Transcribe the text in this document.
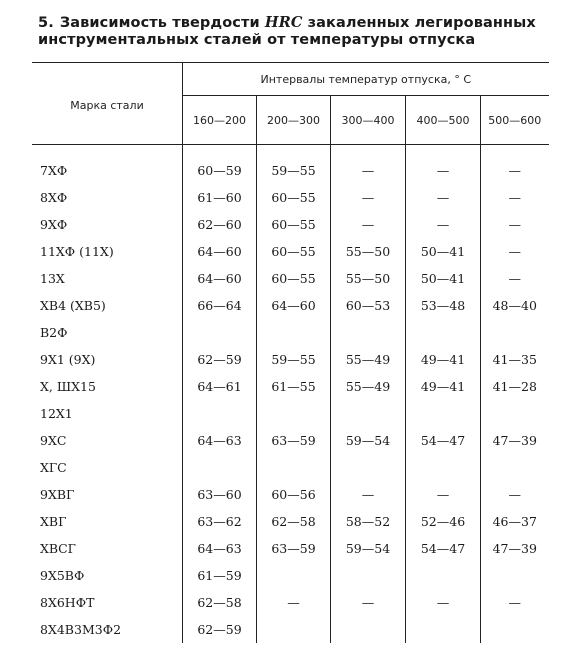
5. Зависимость твердости HRC закаленных легированных инструментальных сталей от температуры отпуска
Марка стали	Интервалы температур отпуска, ° С				
	160—200	200—300	300—400	400—500	500—600
7ХФ	60—59	59—55	—	—	—
8ХФ	61—60	60—55	—	—	—
9ХФ	62—60	60—55	—	—	—
11ХФ (11Х)	64—60	60—55	55—50	50—41	—
13Х	64—60	60—55	55—50	50—41	—
ХВ4 (ХВ5)	66—64	64—60	60—53	53—48	48—40
В2Ф					
9Х1 (9Х)	62—59	59—55	55—49	49—41	41—35
Х, ШХ15	64—61	61—55	55—49	49—41	41—28
12Х1					
9ХС	64—63	63—59	59—54	54—47	47—39
ХГС					
9ХВГ	63—60	60—56	—	—	—
ХВГ	63—62	62—58	58—52	52—46	46—37
ХВСГ	64—63	63—59	59—54	54—47	47—39
9Х5ВФ	61—59				
8Х6НФТ	62—58	—	—	—	—
8Х4В3М3Ф2	62—59				
